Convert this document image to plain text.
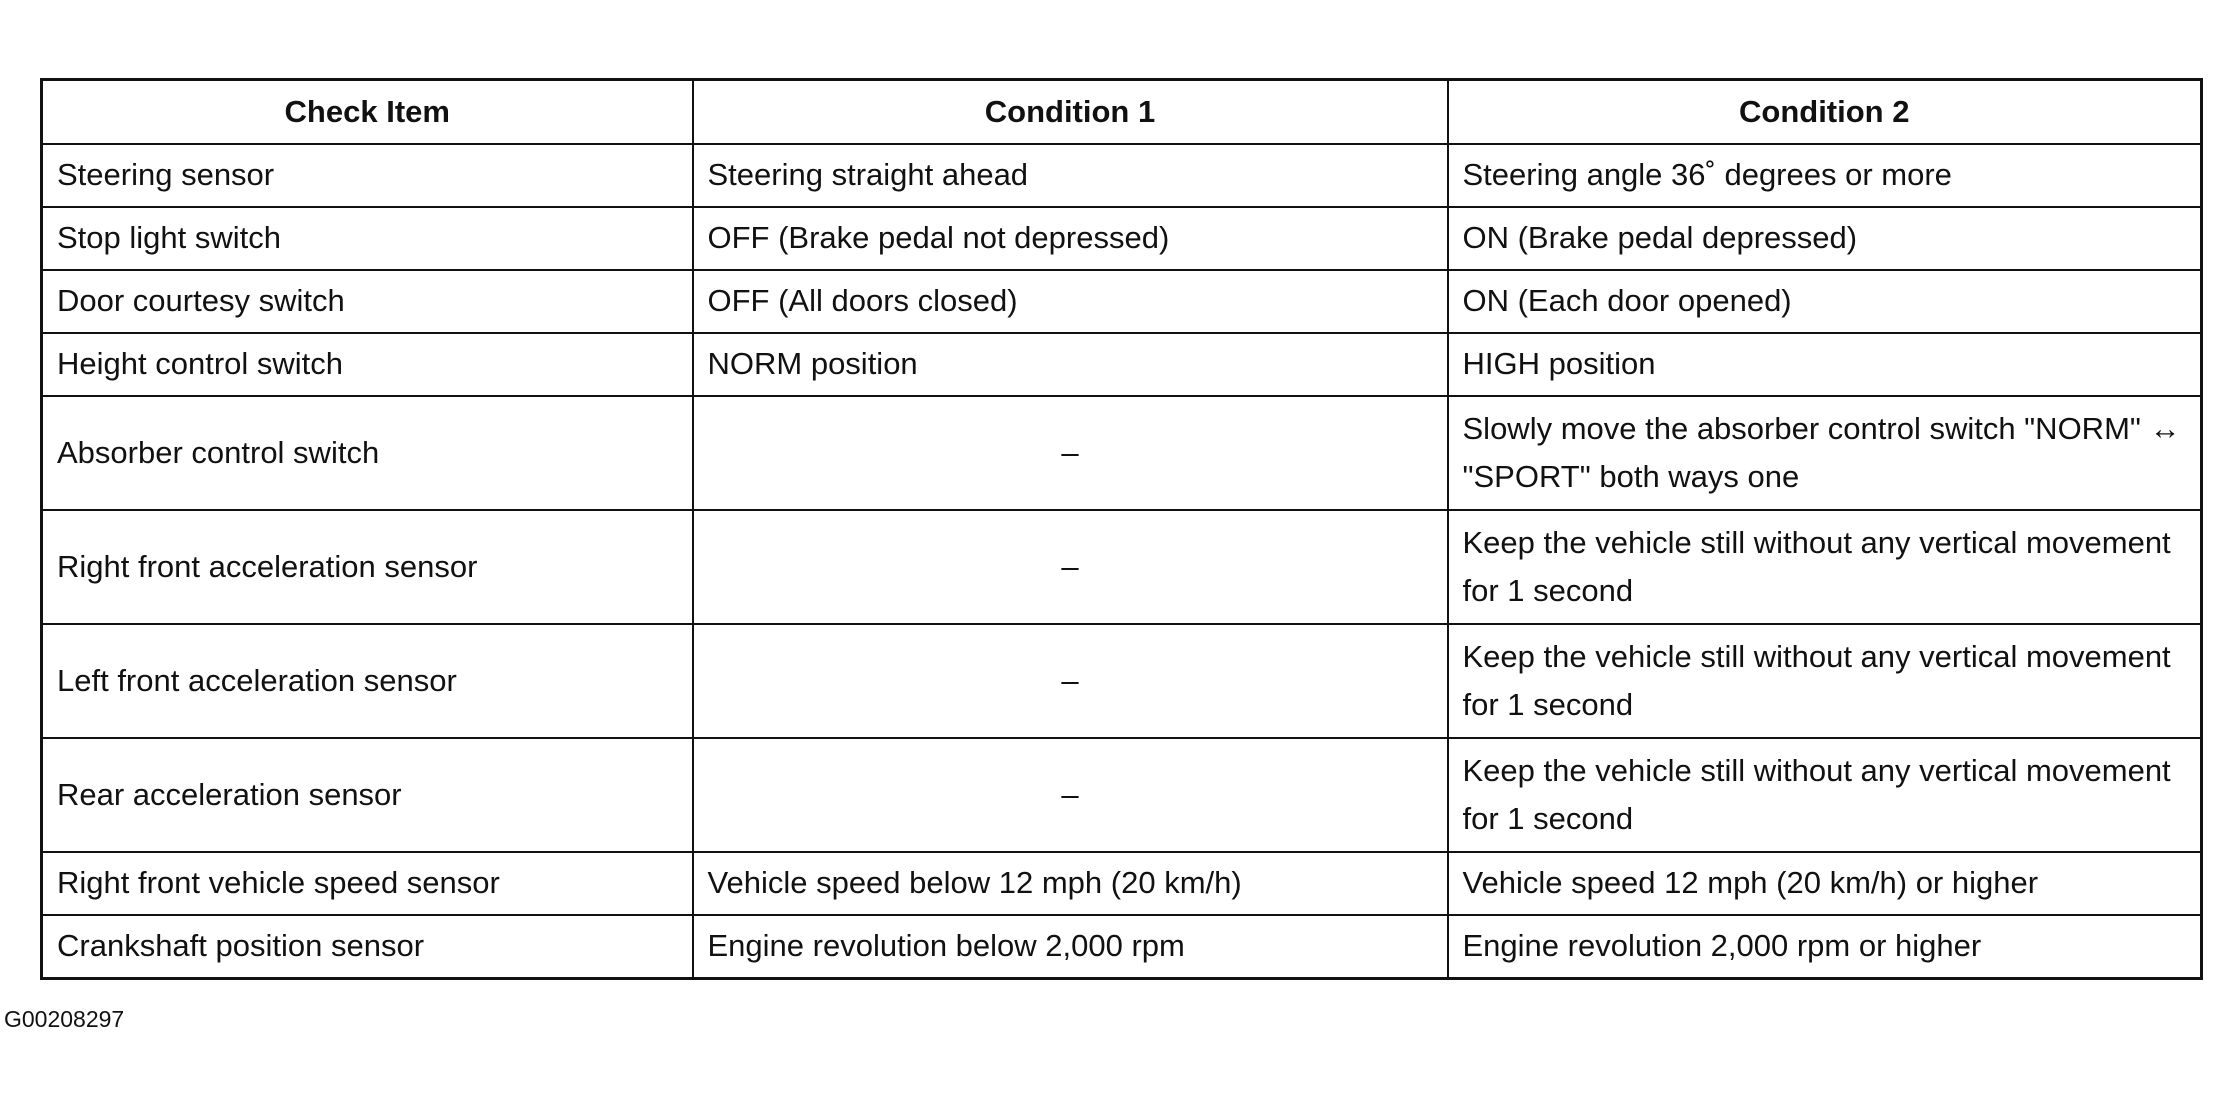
Check Item	Condition 1	Condition 2
Steering sensor	Steering straight ahead	Steering angle 36˚ degrees or more
Stop light switch	OFF (Brake pedal not depressed)	ON (Brake pedal depressed)
Door courtesy switch	OFF (All doors closed)	ON (Each door opened)
Height control switch	NORM position	HIGH position
Absorber control switch	–	Slowly move the absorber control switch "NORM" ↔ "SPORT" both ways one
Right front acceleration sensor	–	Keep the vehicle still without any vertical movement for 1 second
Left front acceleration sensor	–	Keep the vehicle still without any vertical movement for 1 second
Rear acceleration sensor	–	Keep the vehicle still without any vertical movement for 1 second
Right front vehicle speed sensor	Vehicle speed below 12 mph (20 km/h)	Vehicle speed 12 mph (20 km/h) or higher
Crankshaft position sensor	Engine revolution below 2,000 rpm	Engine revolution 2,000 rpm or higher
G00208297
